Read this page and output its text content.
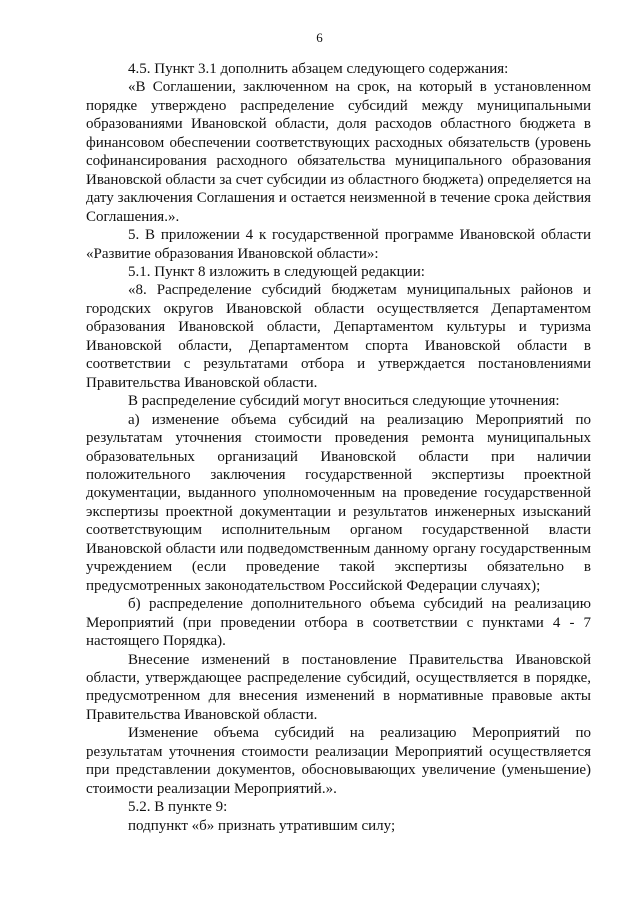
6

4.5. Пункт 3.1 дополнить абзацем следующего содержания:

«В Соглашении, заключенном на срок, на который в установленном порядке утверждено распределение субсидий между муниципальными образованиями Ивановской области, доля расходов областного бюджета в финансовом обеспечении соответствующих расходных обязательств (уровень софинансирования расходного обязательства муниципального образования Ивановской области за счет субсидии из областного бюджета) определяется на дату заключения Соглашения и остается неизменной в течение срока действия Соглашения.».

5. В приложении 4 к государственной программе Ивановской области «Развитие образования Ивановской области»:

5.1. Пункт 8 изложить в следующей редакции:

«8. Распределение субсидий бюджетам муниципальных районов и городских округов Ивановской области осуществляется Департаментом образования Ивановской области, Департаментом культуры и туризма Ивановской области, Департаментом спорта Ивановской области в соответствии с результатами отбора и утверждается постановлениями Правительства Ивановской области.

В распределение субсидий могут вноситься следующие уточнения:

а) изменение объема субсидий на реализацию Мероприятий по результатам уточнения стоимости проведения ремонта муниципальных образовательных организаций Ивановской области при наличии положительного заключения государственной экспертизы проектной документации, выданного уполномоченным на проведение государственной экспертизы проектной документации и результатов инженерных изысканий соответствующим исполнительным органом государственной власти Ивановской области или подведомственным данному органу государственным учреждением (если проведение такой экспертизы обязательно в предусмотренных законодательством Российской Федерации случаях);

б) распределение дополнительного объема субсидий на реализацию Мероприятий (при проведении отбора в соответствии с пунктами 4 - 7 настоящего Порядка).

Внесение изменений в постановление Правительства Ивановской области, утверждающее распределение субсидий, осуществляется в порядке, предусмотренном для внесения изменений в нормативные правовые акты Правительства Ивановской области.

Изменение объема субсидий на реализацию Мероприятий по результатам уточнения стоимости реализации Мероприятий осуществляется при представлении документов, обосновывающих увеличение (уменьшение) стоимости реализации Мероприятий.».

5.2. В пункте 9:

подпункт «б» признать утратившим силу;
